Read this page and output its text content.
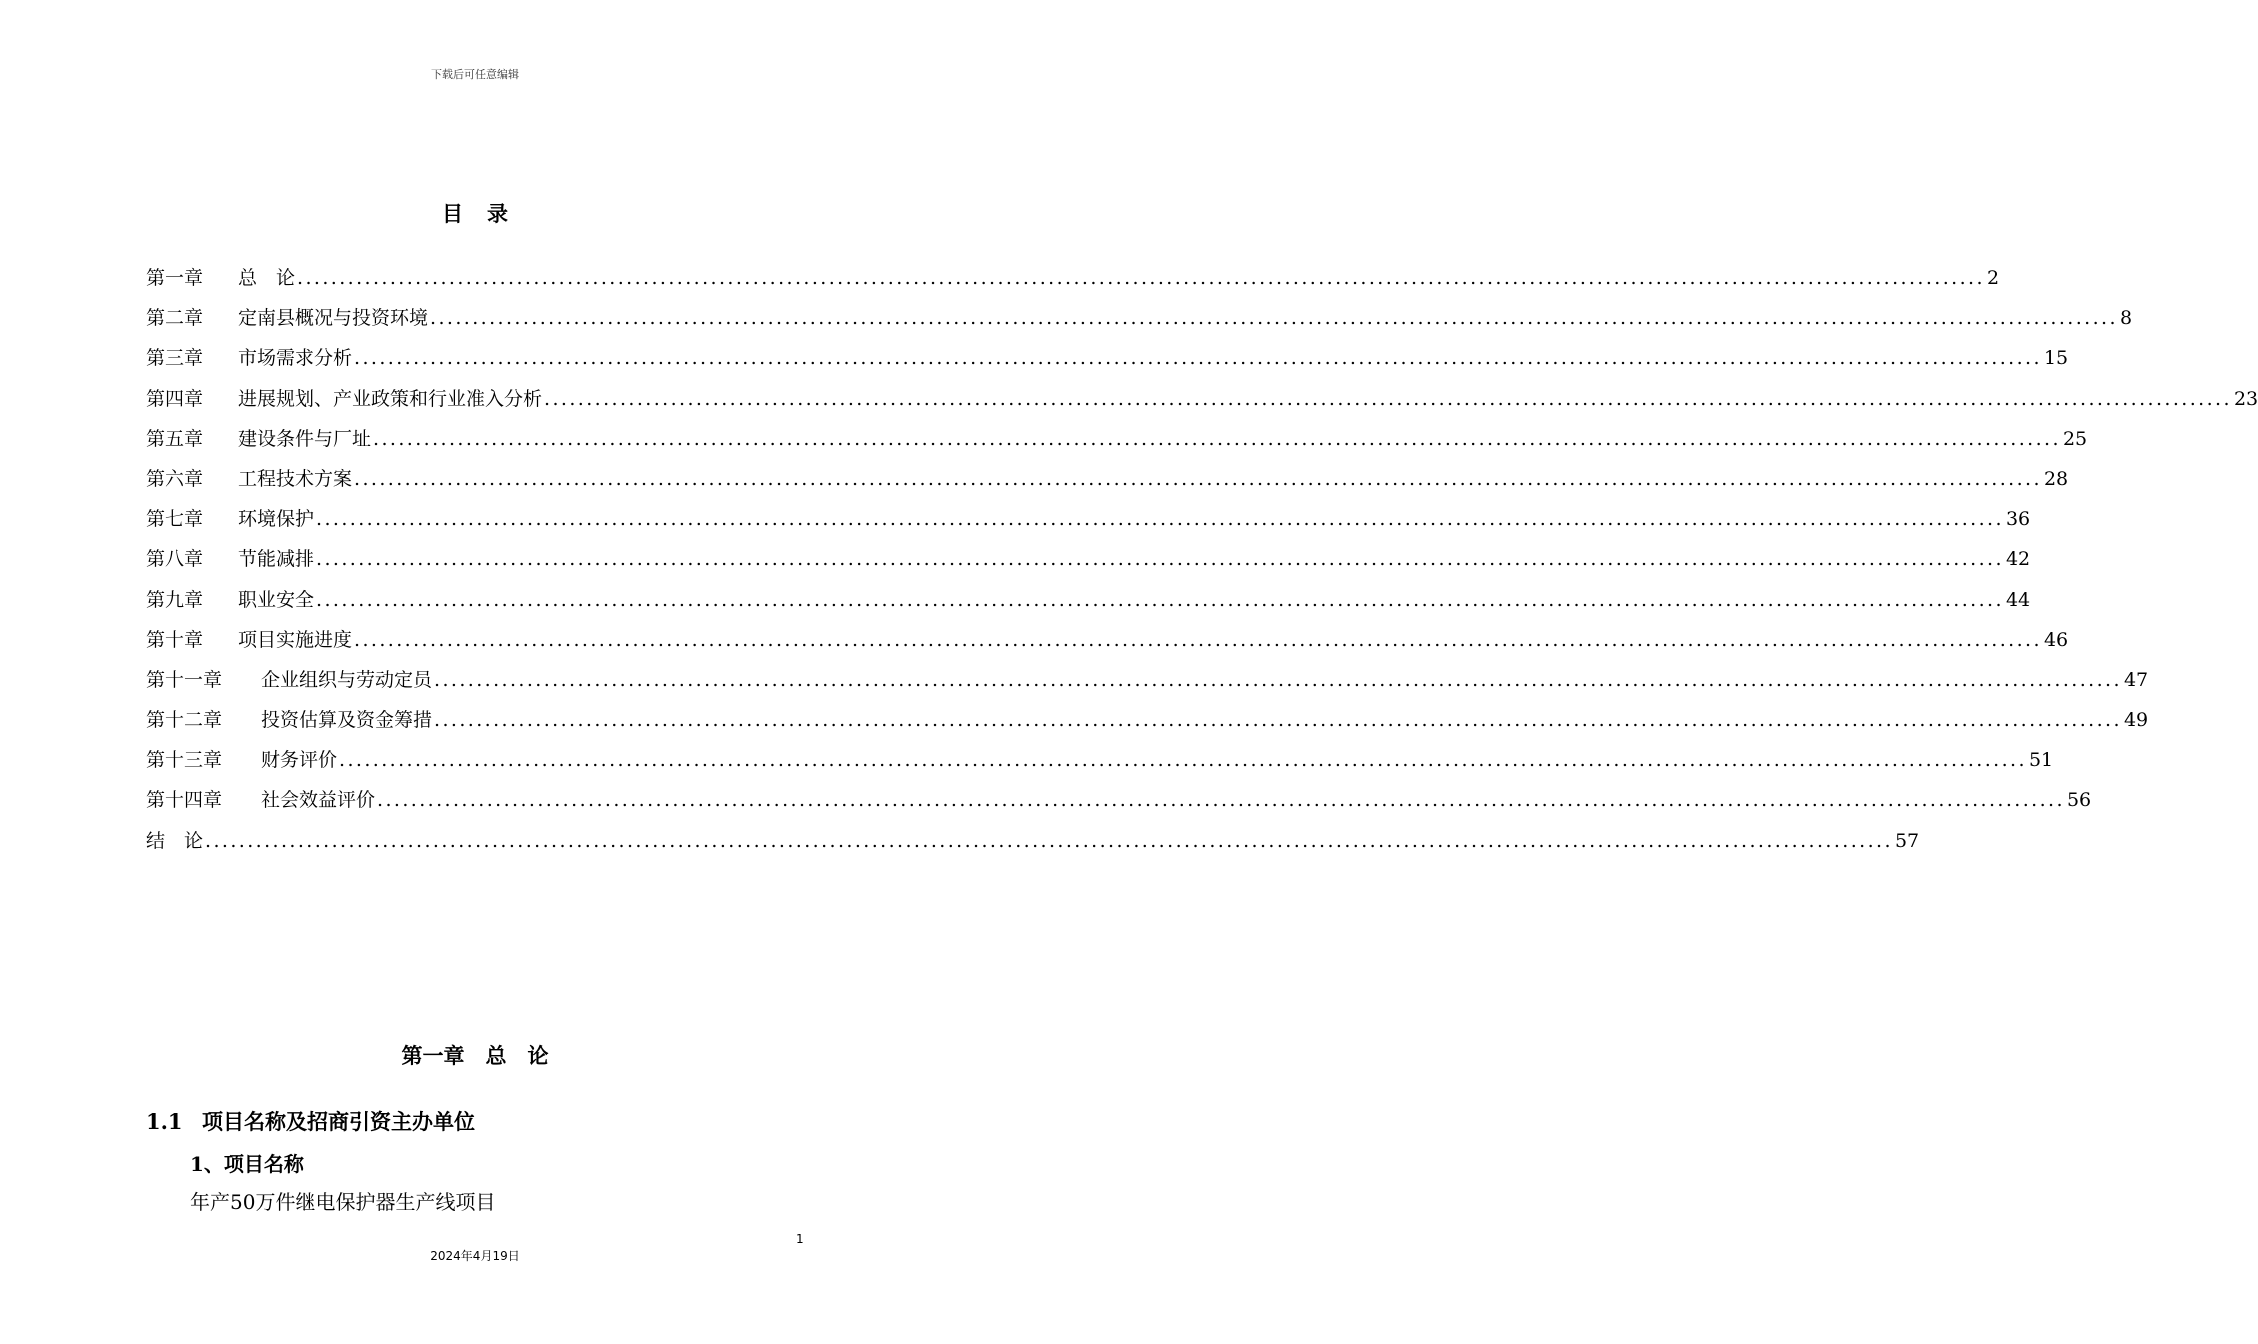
下载后可任意编辑
目 录
第一章	总　论 ........................................................................................................................................................................................................ 2
第二章	定南县概况与投资环境 ........................................................................................................................................................................................................ 8
第三章	市场需求分析 ........................................................................................................................................................................................................ 15
第四章	进展规划、产业政策和行业准入分析 ........................................................................................................................................................................................................ 23
第五章	建设条件与厂址 ........................................................................................................................................................................................................ 25
第六章	工程技术方案 ........................................................................................................................................................................................................ 28
第七章	环境保护 ........................................................................................................................................................................................................ 36
第八章	节能减排 ........................................................................................................................................................................................................ 42
第九章	职业安全 ........................................................................................................................................................................................................ 44
第十章	项目实施进度 ........................................................................................................................................................................................................ 46
第十一章	企业组织与劳动定员 ........................................................................................................................................................................................................ 47
第十二章	投资估算及资金筹措 ........................................................................................................................................................................................................ 49
第十三章	财务评价 ........................................................................................................................................................................................................ 51
第十四章	社会效益评价 ........................................................................................................................................................................................................ 56
结　论 ........................................................................................................................................................................................................ 57
第一章　总　论
1.1 项目名称及招商引资主办单位
1、项目名称
年产50万件继电保护器生产线项目
1
2024年4月19日
